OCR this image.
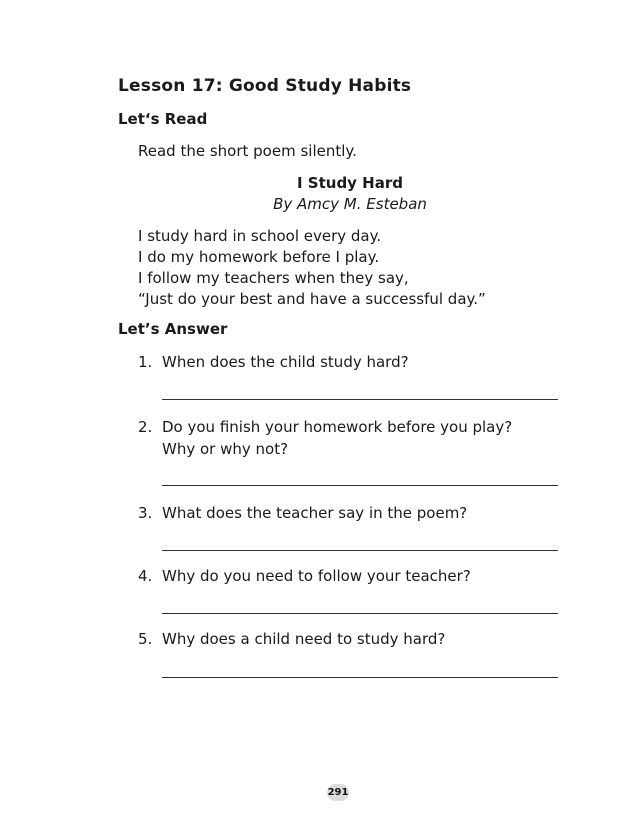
Lesson 17: Good Study Habits
Let‘s Read
Read the short poem silently.
I Study Hard
By Amcy M. Esteban
I study hard in school every day.
I do my homework before I play.
I follow my teachers when they say,
“Just do your best and have a successful day.”
Let’s Answer
1. When does the child study hard?
2. Do you finish your homework before you play?
Why or why not?
3. What does the teacher say in the poem?
4. Why do you need to follow your teacher?
5. Why does a child need to study hard?
291
